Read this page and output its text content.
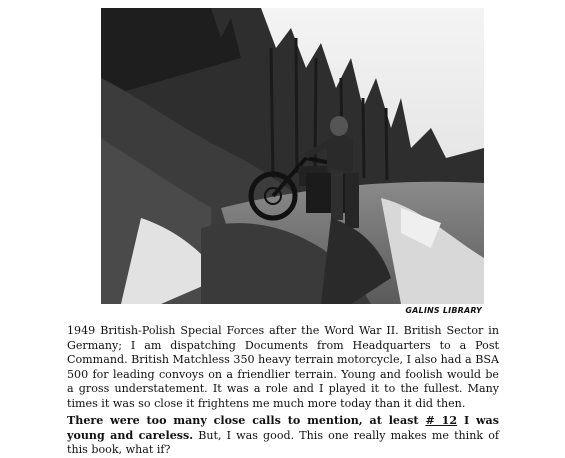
GALINS LIBRARY

1949 British-Polish Special Forces after the Word War II. British Sector in Germany; I am dispatching Documents from Headquarters to a Post Command. British Matchless 350 heavy terrain motorcycle, I also had a BSA 500 for leading convoys on a friendlier terrain. Young and foolish would be a gross understatement. It was a role and I played it to the fullest. Many times it was so close it frightens me much more today than it did then.

There were too many close calls to mention, at least # 12 I was young and careless. But, I was good. This one really makes me think of this book, what if?
